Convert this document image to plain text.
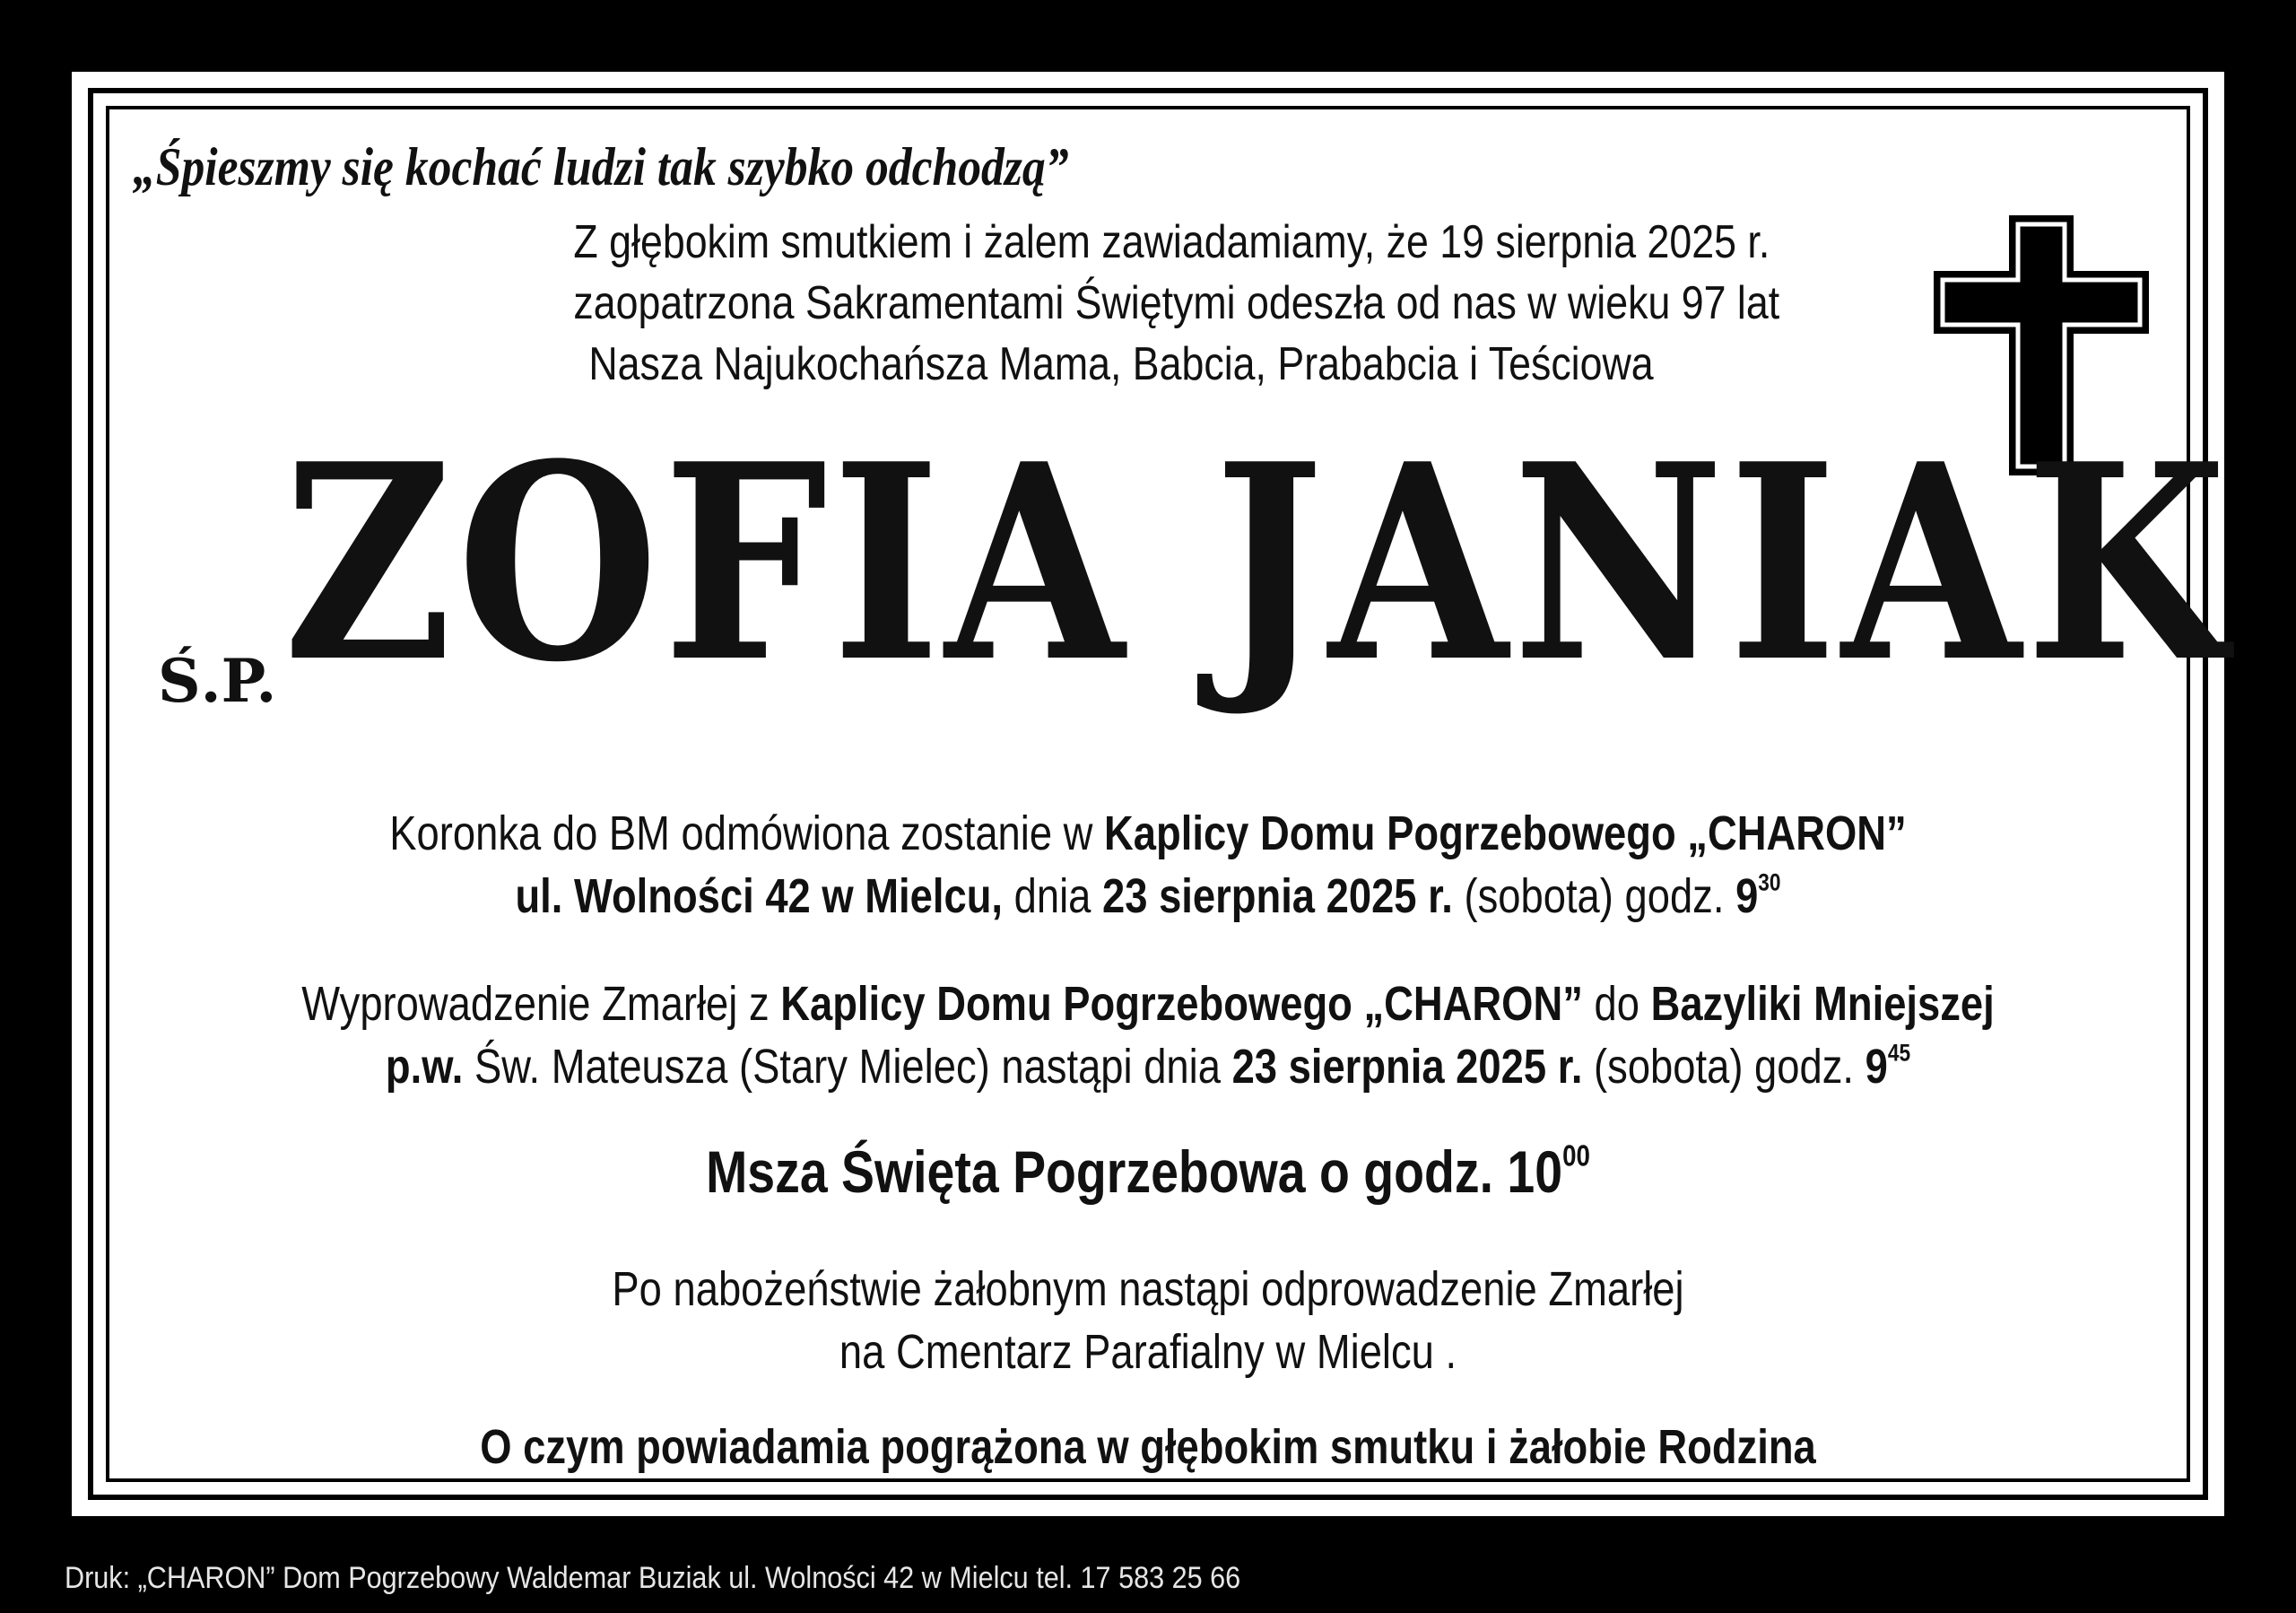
„Śpieszmy się kochać ludzi tak szybko odchodzą”
Z głębokim smutkiem i żalem zawiadamiamy, że 19 sierpnia 2025 r.
zaopatrzona Sakramentami Świętymi odeszła od nas w wieku 97 lat
Nasza Najukochańsza Mama, Babcia, Prababcia i Teściowa
Ś.P. ZOFIA JANIAK
Koronka do BM odmówiona zostanie w Kaplicy Domu Pogrzebowego „CHARON”
ul. Wolności 42 w Mielcu, dnia 23 sierpnia 2025 r. (sobota) godz. $9^{30}$
Wyprowadzenie Zmarłej z Kaplicy Domu Pogrzebowego „CHARON” do Bazyliki Mniejszej
p.w. Św. Mateusza (Stary Mielec) nastąpi dnia 23 sierpnia 2025 r. (sobota) godz. $9^{45}$
Msza Święta Pogrzebowa o godz. $10^{00}$
Po nabożeństwie żałobnym nastąpi odprowadzenie Zmarłej
na Cmentarz Parafialny w Mielcu .
O czym powiadamia pogrążona w głębokim smutku i żałobie Rodzina
Druk: „CHARON” Dom Pogrzebowy Waldemar Buziak ul. Wolności 42 w Mielcu tel. 17 583 25 66
